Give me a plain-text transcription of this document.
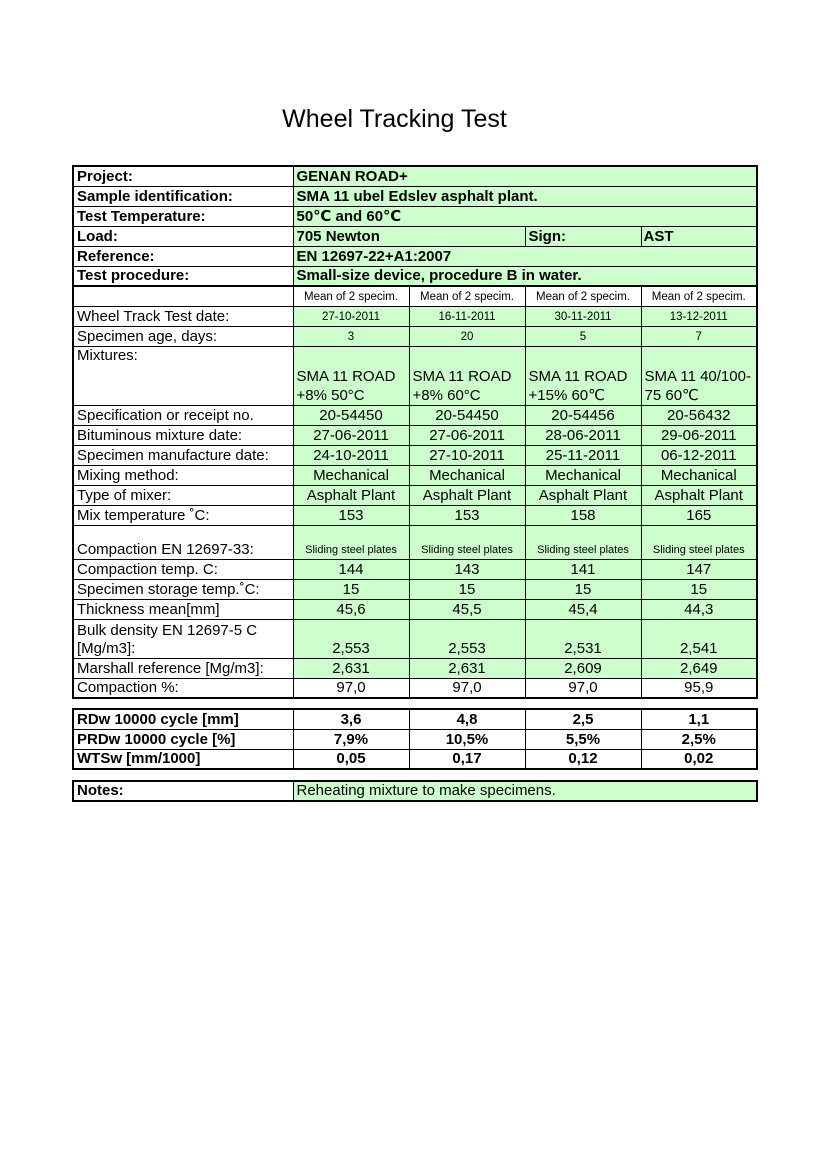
Wheel Tracking Test
Project:	GENAN ROAD+			
Sample identification:	SMA 11 ubel Edslev asphalt plant.			
Test Temperature:	50℃ and 60℃			
Load:	705 Newton		Sign:	AST
Reference:	EN 12697-22+A1:2007			
Test procedure:	Small-size device, procedure B in water.			
	Mean of 2 specim.	Mean of 2 specim.	Mean of 2 specim.	Mean of 2 specim.
Wheel Track Test date:	27-10-2011	16-11-2011	30-11-2011	13-12-2011
Specimen age, days:	3	20	5	7
Mixtures:	SMA 11 ROAD +8% 50°C	SMA 11 ROAD +8% 60°C	SMA 11 ROAD +15% 60℃	SMA 11 40/100-75 60℃
Specification or receipt no.	20-54450	20-54450	20-54456	20-56432
Bituminous mixture date:	27-06-2011	27-06-2011	28-06-2011	29-06-2011
Specimen manufacture date:	24-10-2011	27-10-2011	25-11-2011	06-12-2011
Mixing method:	Mechanical	Mechanical	Mechanical	Mechanical
Type of mixer:	Asphalt Plant	Asphalt Plant	Asphalt Plant	Asphalt Plant
Mix temperature ˚C:	153	153	158	165
Compaction EN 12697-33:	Sliding steel plates	Sliding steel plates	Sliding steel plates	Sliding steel plates
Compaction temp. C:	144	143	141	147
Specimen storage temp.˚C:	15	15	15	15
Thickness mean[mm]	45,6	45,5	45,4	44,3

Bulk density EN 12697-5 C
[Mg/m3]:	2,553	2,553	2,531	2,541
Marshall reference [Mg/m3]:	2,631	2,631	2,609	2,649
Compaction %:	97,0	97,0	97,0	95,9
RDw 10000 cycle [mm]	3,6	4,8	2,5	1,1
PRDw 10000 cycle [%]	7,9%	10,5%	5,5%	2,5%
WTSw [mm/1000]	0,05	0,17	0,12	0,02
Notes:	Reheating mixture to make specimens.
